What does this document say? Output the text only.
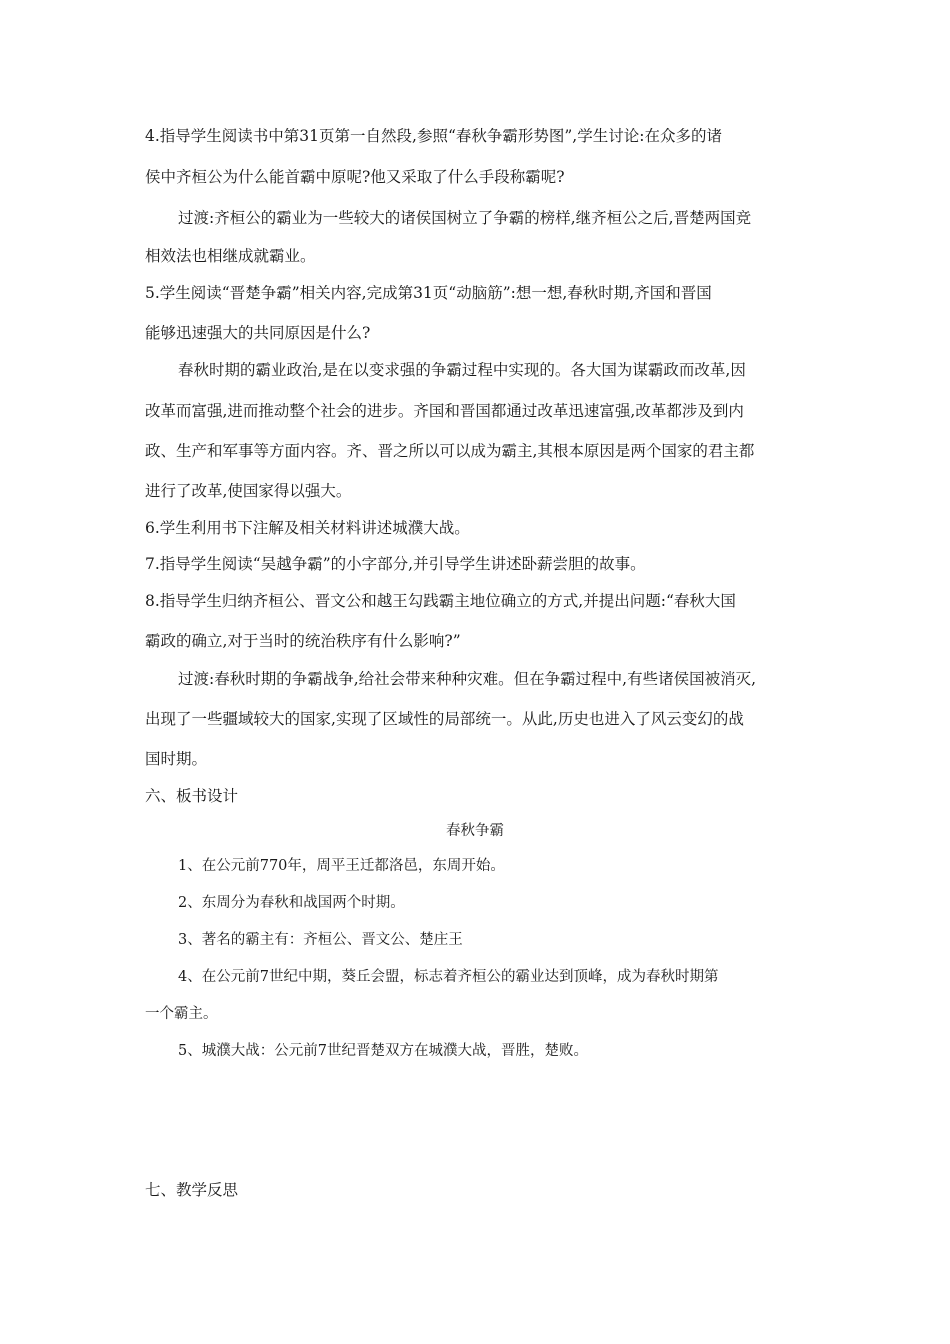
4.指导学生阅读书中第31页第一自然段,参照“春秋争霸形势图”,学生讨论:在众多的诸
侯中齐桓公为什么能首霸中原呢?他又采取了什么手段称霸呢?
过渡:齐桓公的霸业为一些较大的诸侯国树立了争霸的榜样,继齐桓公之后,晋楚两国竞
相效法也相继成就霸业。
5.学生阅读“晋楚争霸”相关内容,完成第31页“动脑筋”:想一想,春秋时期,齐国和晋国
能够迅速强大的共同原因是什么?
春秋时期的霸业政治,是在以变求强的争霸过程中实现的。各大国为谋霸政而改革,因
改革而富强,进而推动整个社会的进步。齐国和晋国都通过改革迅速富强,改革都涉及到内
政、生产和军事等方面内容。齐、晋之所以可以成为霸主,其根本原因是两个国家的君主都
进行了改革,使国家得以强大。
6.学生利用书下注解及相关材料讲述城濮大战。
7.指导学生阅读“吴越争霸”的小字部分,并引导学生讲述卧薪尝胆的故事。
8.指导学生归纳齐桓公、晋文公和越王勾践霸主地位确立的方式,并提出问题:“春秋大国
霸政的确立,对于当时的统治秩序有什么影响?”
过渡:春秋时期的争霸战争,给社会带来种种灾难。但在争霸过程中,有些诸侯国被消灭,
出现了一些疆域较大的国家,实现了区域性的局部统一。从此,历史也进入了风云变幻的战
国时期。
六、板书设计
春秋争霸
1、在公元前770年，周平王迁都洛邑，东周开始。
2、东周分为春秋和战国两个时期。
3、著名的霸主有：齐桓公、晋文公、楚庄王
4、在公元前7世纪中期，葵丘会盟，标志着齐桓公的霸业达到顶峰，成为春秋时期第
一个霸主。
5、城濮大战：公元前7世纪晋楚双方在城濮大战，晋胜，楚败。
七、教学反思
